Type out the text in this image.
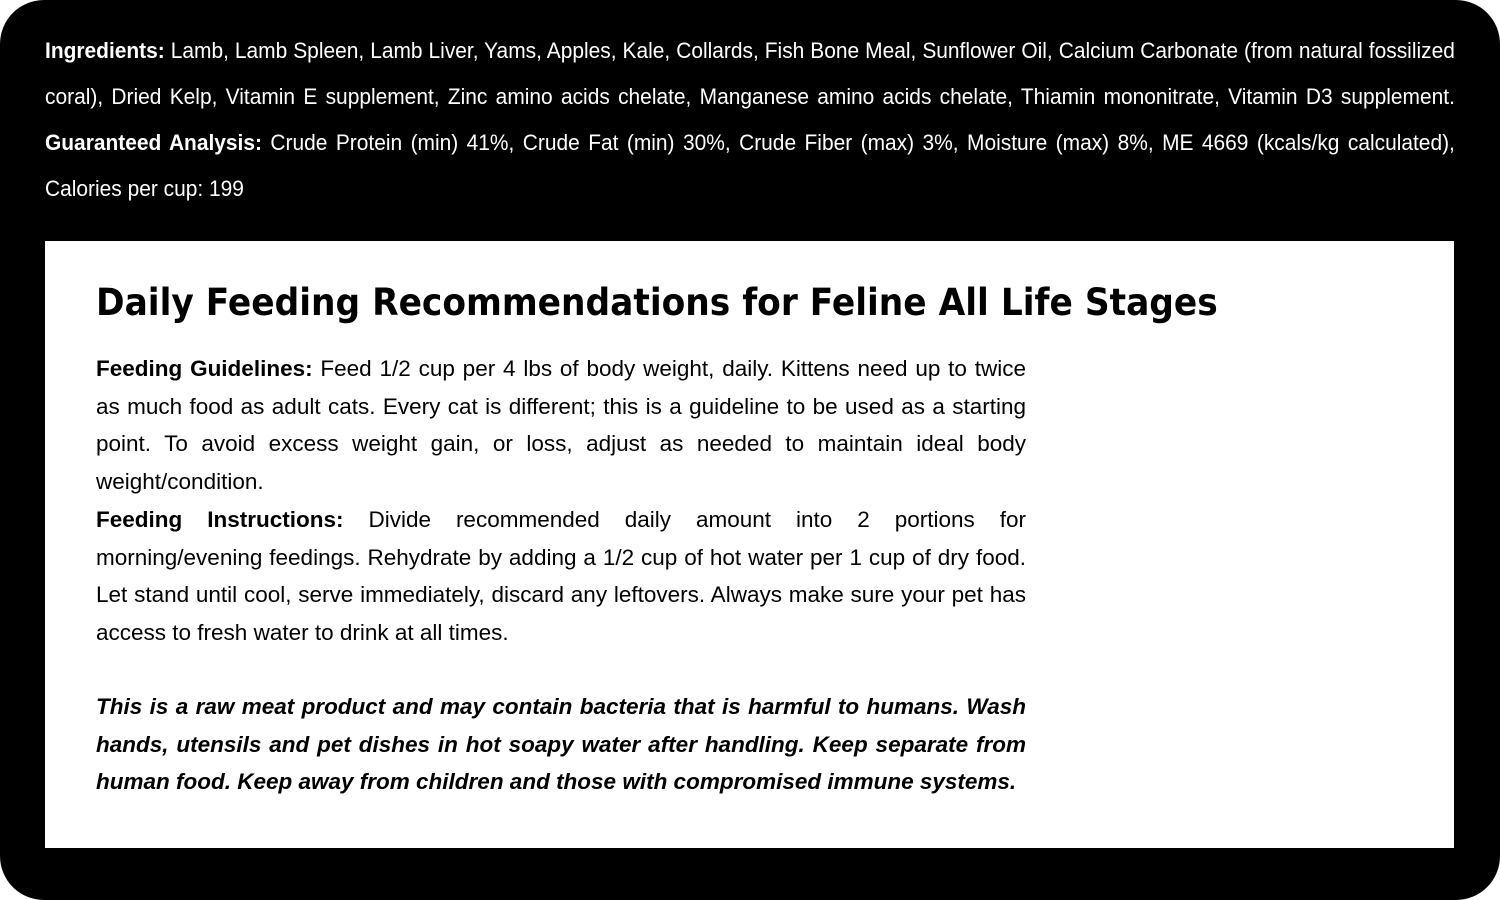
Ingredients: Lamb, Lamb Spleen, Lamb Liver, Yams, Apples, Kale, Collards, Fish Bone Meal, Sunflower Oil, Calcium Carbonate (from natural fossilized coral), Dried Kelp, Vitamin E supplement, Zinc amino acids chelate, Manganese amino acids chelate, Thiamin mononitrate, Vitamin D3 supplement. Guaranteed Analysis: Crude Protein (min) 41%, Crude Fat (min) 30%, Crude Fiber (max) 3%, Moisture (max) 8%, ME 4669 (kcals/kg calculated), Calories per cup: 199
Daily Feeding Recommendations for Feline All Life Stages

Feeding Guidelines: Feed 1/2 cup per 4 lbs of body weight, daily. Kittens need up to twice as much food as adult cats. Every cat is different; this is a guideline to be used as a starting point. To avoid excess weight gain, or loss, adjust as needed to maintain ideal body weight/condition.

Feeding Instructions: Divide recommended daily amount into 2 portions for morning/evening feedings. Rehydrate by adding a 1/2 cup of hot water per 1 cup of dry food. Let stand until cool, serve immediately, discard any leftovers. Always make sure your pet has access to fresh water to drink at all times.

This is a raw meat product and may contain bacteria that is harmful to humans. Wash hands, utensils and pet dishes in hot soapy water after handling. Keep separate from human food. Keep away from children and those with compromised immune systems.
